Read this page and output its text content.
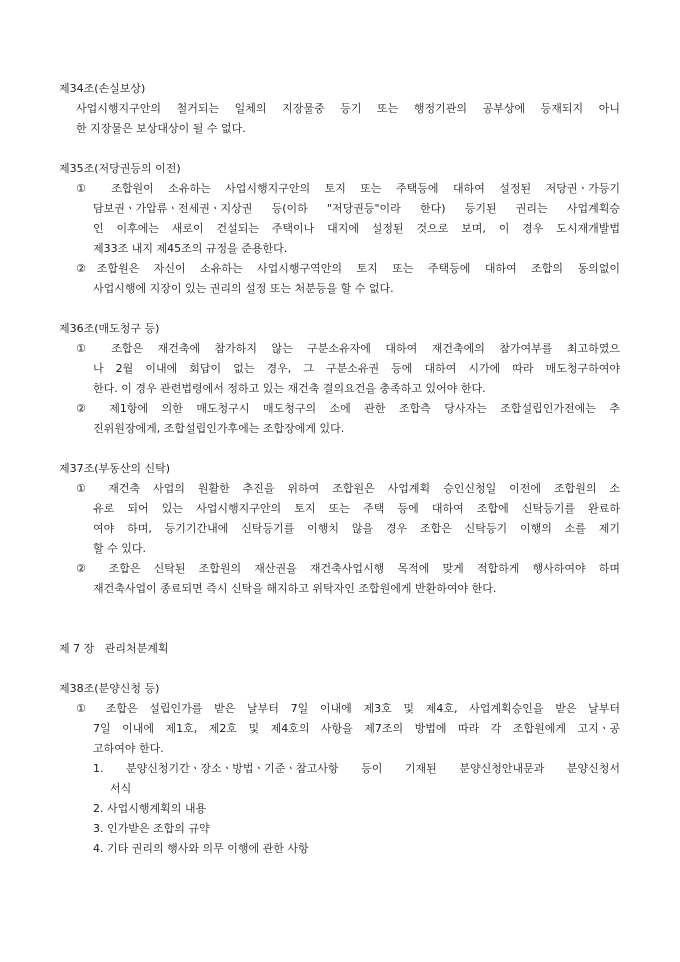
제34조(손실보상)
사업시행지구안의 철거되는 일체의 지장물중 등기 또는 행정기관의 공부상에 등재되지 아니
한 지장물은 보상대상이 될 수 없다.
제35조(저당권등의 이전)
① 조합원이 소유하는 사업시행지구안의 토지 또는 주택등에 대하여 설정된 저당권ㆍ가등기
담보권ㆍ가압류ㆍ전세권ㆍ지상권 등(이하 "저당권등"이라 한다) 등기된 권리는 사업계획승
인 이후에는 새로이 건설되는 주택이나 대지에 설정된 것으로 보며, 이 경우 도시재개발법
제33조 내지 제45조의 규정을 준용한다.
②조합원은 자신이 소유하는 사업시행구역안의 토지 또는 주택등에 대하여 조합의 동의없이
사업시행에 지장이 있는 권리의 설정 또는 처분등을 할 수 없다.
제36조(매도청구 등)
① 조합은 재건축에 참가하지 않는 구분소유자에 대하여 재건축에의 참가여부를 최고하였으
나 2월 이내에 회답이 없는 경우, 그 구분소유권 등에 대하여 시가에 따라 매도청구하여야
한다. 이 경우 관련법령에서 정하고 있는 재건축 결의요건을 충족하고 있어야 한다.
② 제1항에 의한 매도청구시 매도청구의 소에 관한 조합측 당사자는 조합설립인가전에는 추
진위원장에게, 조합설립인가후에는 조합장에게 있다.
제37조(부동산의 신탁)
① 재건축 사업의 원활한 추진을 위하여 조합원은 사업계획 승인신청일 이전에 조합원의 소
유로 되어 있는 사업시행지구안의 토지 또는 주택 등에 대하여 조합에 신탁등기를 완료하
여야 하며, 등기기간내에 신탁등기를 이행치 않을 경우 조합은 신탁등기 이행의 소를 제기
할 수 있다.
② 조합은 신탁된 조합원의 재산권을 재건축사업시행 목적에 맞게 적합하게 행사하여야 하며
재건축사업이 종료되면 즉시 신탁을 해지하고 위탁자인 조합원에게 반환하여야 한다.
제 7 장   관리처분계획
제38조(분양신청 등)
① 조합은 설립인가를 받은 날부터 7일 이내에 제3호 및 제4호, 사업계획승인을 받은 날부터
7일 이내에 제1호, 제2호 및 제4호의 사항을 제7조의 방법에 따라 각 조합원에게 고지ㆍ공
고하여야 한다.
1. 분양신청기간ㆍ장소ㆍ방법ㆍ기준ㆍ참고사항 등이 기재된 분양신청안내문과 분양신청서
서식
2. 사업시행계획의 내용
3. 인가받은 조합의 규약
4. 기타 권리의 행사와 의무 이행에 관한 사항
